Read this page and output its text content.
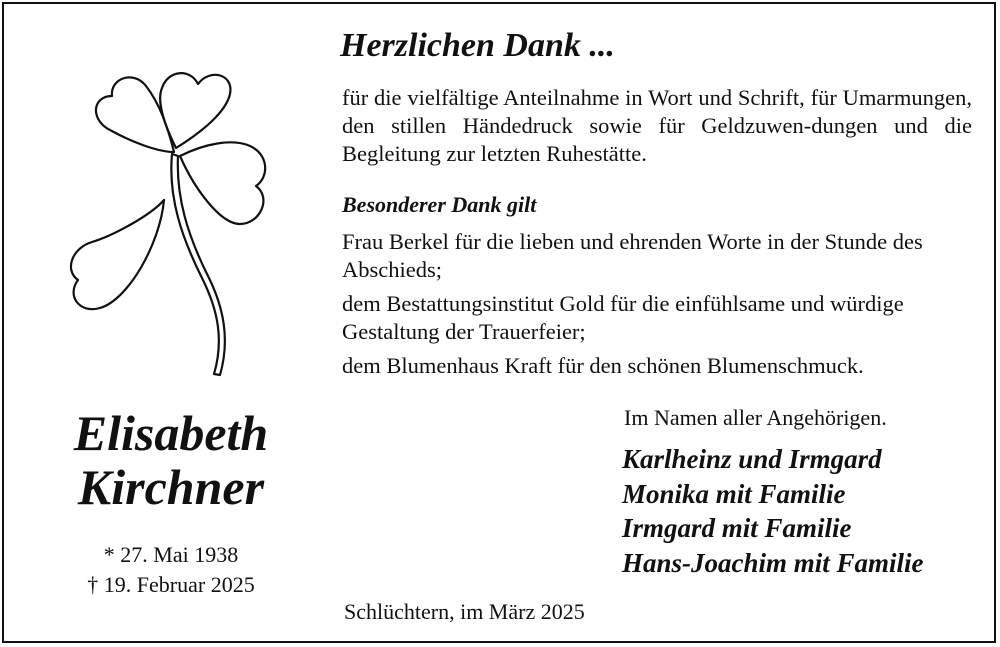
Elisabeth
Kirchner
* 27. Mai 1938
† 19. Februar 2025
Herzlichen Dank ...
für die vielfältige Anteilnahme in Wort und Schrift, für Umarmungen, den stillen Händedruck sowie für Geldzuwen-dungen und die Begleitung zur letzten Ruhestätte.
Besonderer Dank gilt
Frau Berkel für die lieben und ehrenden Worte in der Stunde des Abschieds;
dem Bestattungsinstitut Gold für die einfühlsame und würdige Gestaltung der Trauerfeier;
dem Blumenhaus Kraft für den schönen Blumenschmuck.
Im Namen aller Angehörigen.
Karlheinz und Irmgard
Monika mit Familie
Irmgard mit Familie
Hans-Joachim mit Familie
Schlüchtern, im März 2025
